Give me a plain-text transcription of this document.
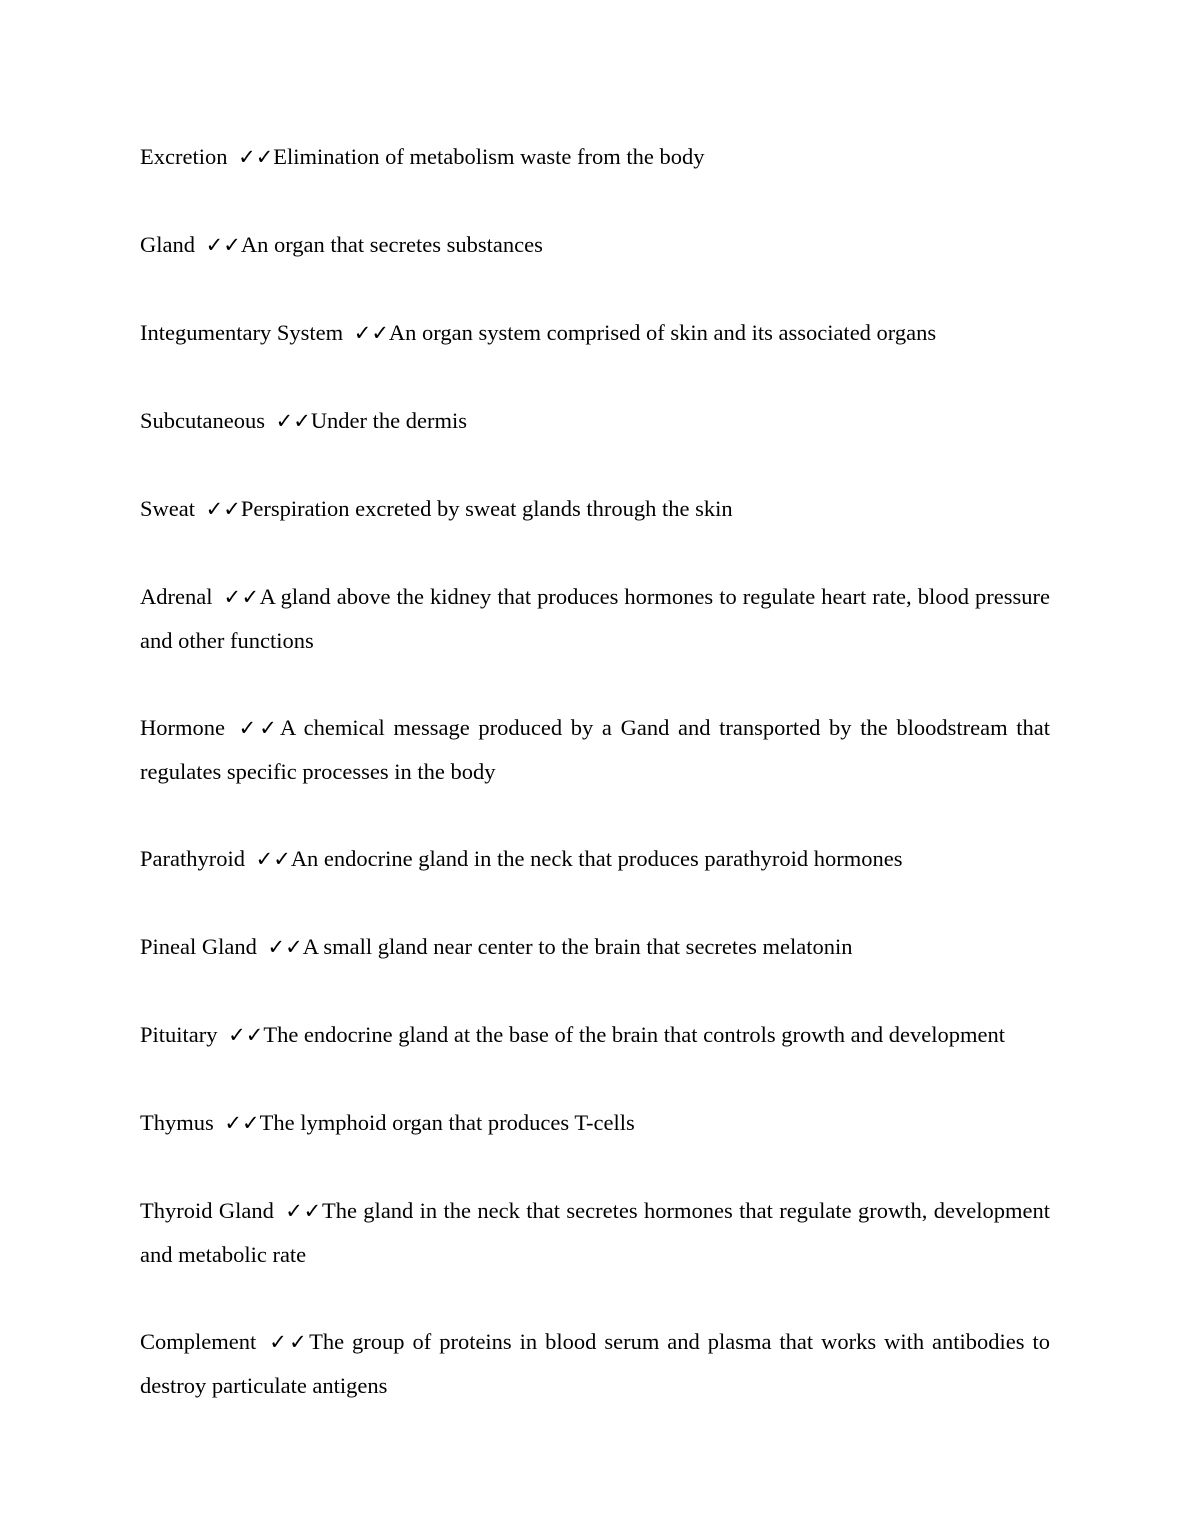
Excretion ✓✓Elimination of metabolism waste from the body

Gland ✓✓An organ that secretes substances

Integumentary System ✓✓An organ system comprised of skin and its associated organs

Subcutaneous ✓✓Under the dermis

Sweat ✓✓Perspiration excreted by sweat glands through the skin

Adrenal ✓✓A gland above the kidney that produces hormones to regulate heart rate, blood pressure and other functions

Hormone ✓✓A chemical message produced by a Gand and transported by the bloodstream that regulates specific processes in the body

Parathyroid ✓✓An endocrine gland in the neck that produces parathyroid hormones

Pineal Gland ✓✓A small gland near center to the brain that secretes melatonin

Pituitary ✓✓The endocrine gland at the base of the brain that controls growth and development

Thymus ✓✓The lymphoid organ that produces T-cells

Thyroid Gland ✓✓The gland in the neck that secretes hormones that regulate growth, development and metabolic rate

Complement ✓✓The group of proteins in blood serum and plasma that works with antibodies to destroy particulate antigens
